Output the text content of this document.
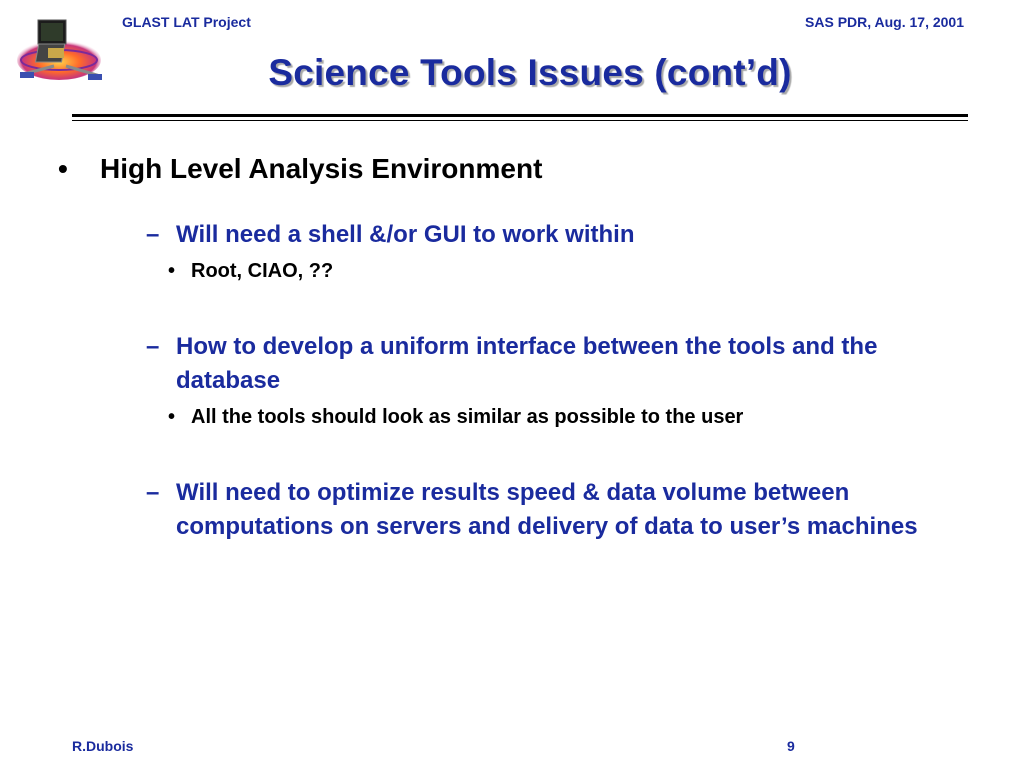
GLAST LAT Project	SAS PDR, Aug. 17, 2001
Science Tools Issues (cont’d)
• High Level Analysis Environment
– Will need a shell &/or GUI to work within
• Root, CIAO, ??
– How to develop a uniform interface between the tools and the database
• All the tools should look as similar as possible to the user
– Will need to optimize results speed & data volume between computations on servers and delivery of data to user’s machines
R.Dubois	9
